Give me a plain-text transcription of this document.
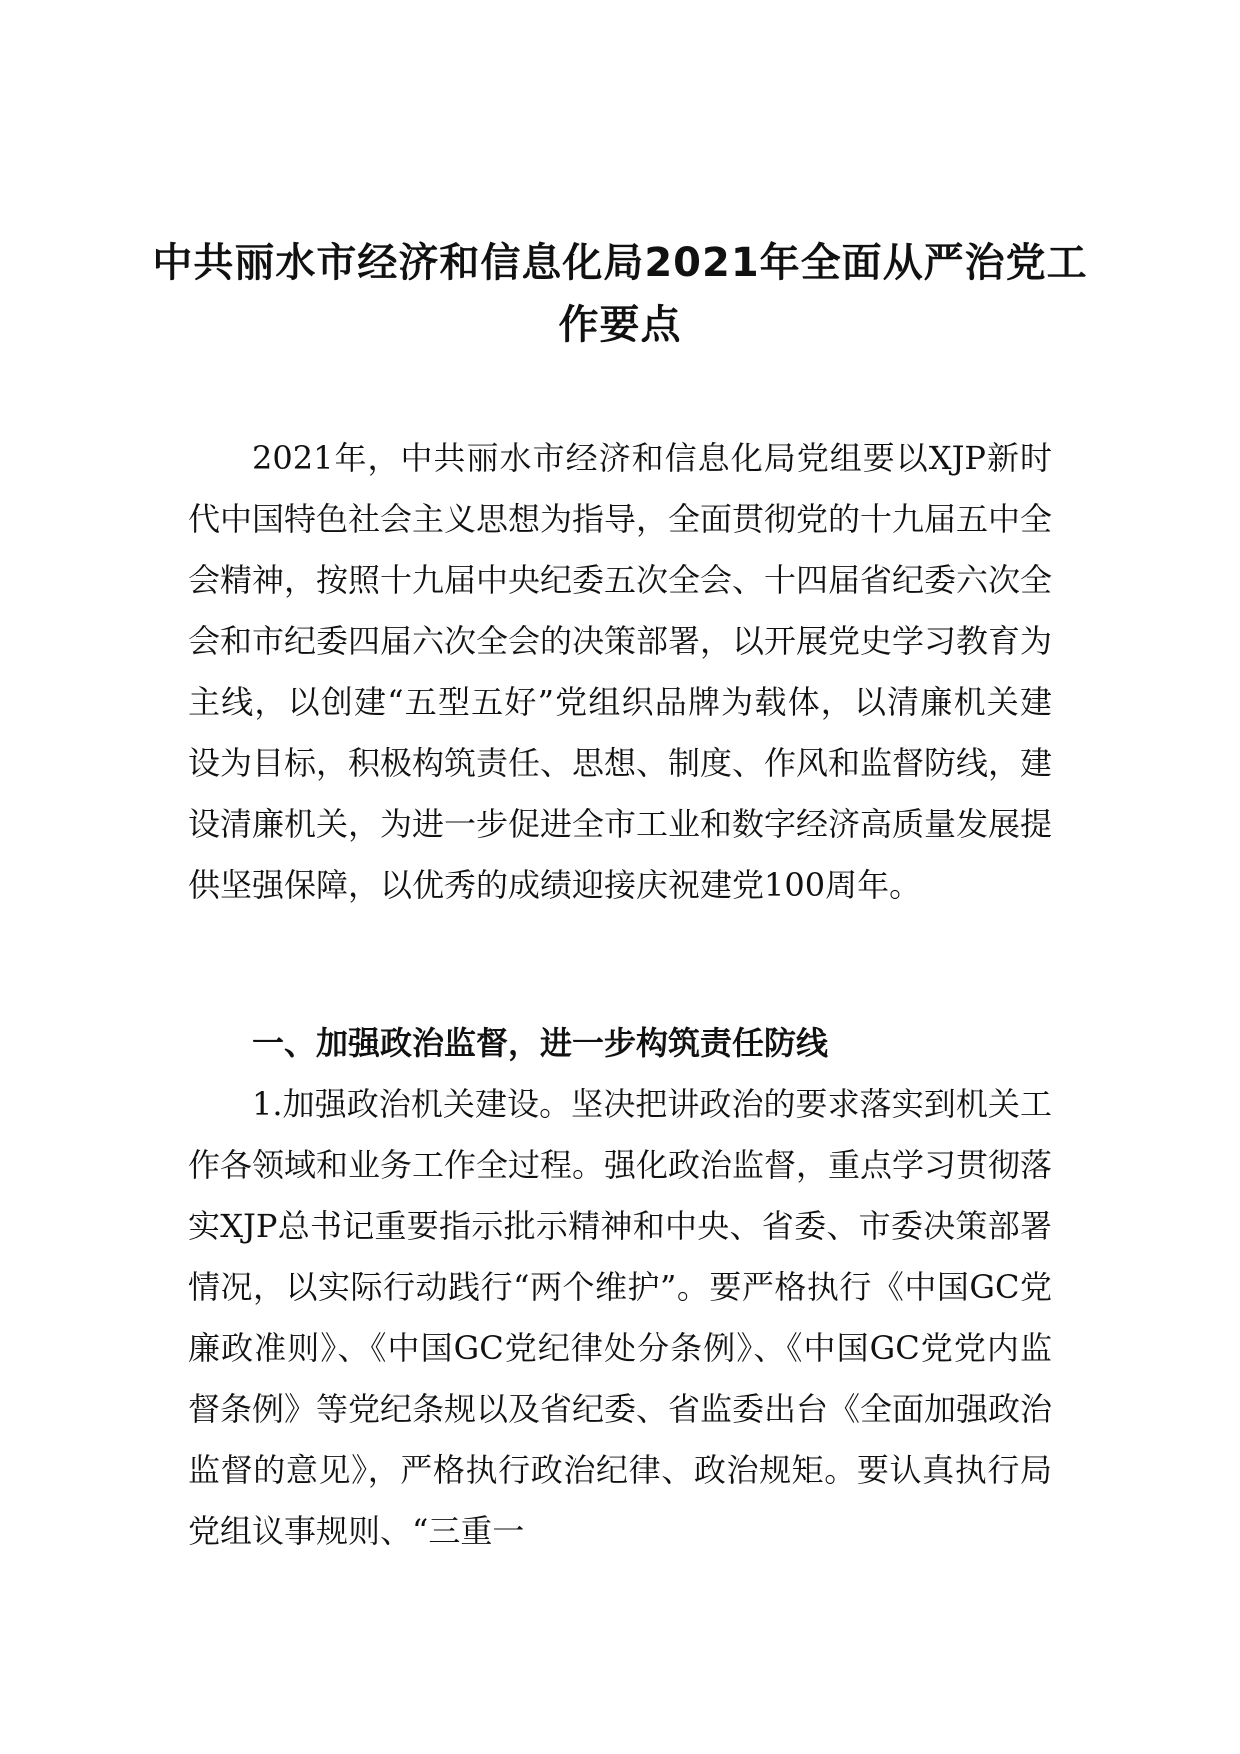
中共丽水市经济和信息化局2021年全面从严治党工作要点

2021年，中共丽水市经济和信息化局党组要以XJP新时代中国特色社会主义思想为指导，全面贯彻党的十九届五中全会精神，按照十九届中央纪委五次全会、十四届省纪委六次全会和市纪委四届六次全会的决策部署，以开展党史学习教育为主线，以创建“五型五好”党组织品牌为载体，以清廉机关建设为目标，积极构筑责任、思想、制度、作风和监督防线，建设清廉机关，为进一步促进全市工业和数字经济高质量发展提供坚强保障，以优秀的成绩迎接庆祝建党100周年。

一、加强政治监督，进一步构筑责任防线

1.加强政治机关建设。坚决把讲政治的要求落实到机关工作各领域和业务工作全过程。强化政治监督，重点学习贯彻落实XJP总书记重要指示批示精神和中央、省委、市委决策部署情况，以实际行动践行“两个维护”。要严格执行《中国GC党廉政准则》、《中国GC党纪律处分条例》、《中国GC党党内监督条例》等党纪条规以及省纪委、省监委出台《全面加强政治监督的意见》，严格执行政治纪律、政治规矩。要认真执行局党组议事规则、“三重一
